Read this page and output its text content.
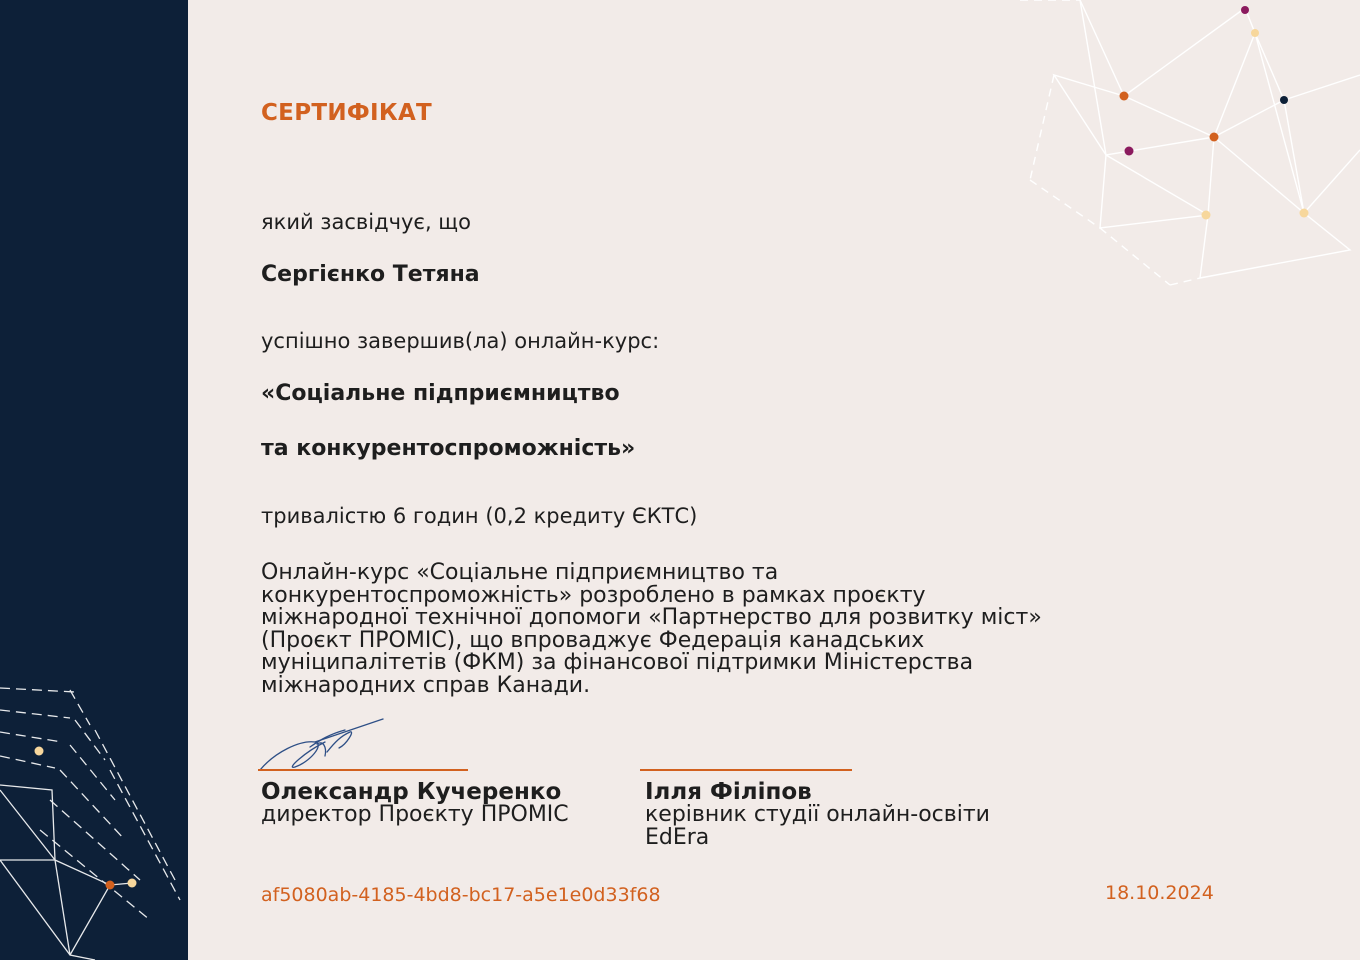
СЕРТИФІКАТ
який засвідчує, що
Сергієнко Тетяна
успішно завершив(ла) онлайн-курс:
«Соціальне підприємництво
та конкурентоспроможність»
тривалістю 6 годин (0,2 кредиту ЄКТС)
Онлайн-курс «Соціальне підприємництво та конкурентоспроможність» розроблено в рамках проєкту міжнародної технічної допомоги «Партнерство для розвитку міст» (Проєкт ПРОМІС), що впроваджує Федерація канадських муніципалітетів (ФКМ) за фінансової підтримки Міністерства міжнародних справ Канади.
Олександр Кучеренко
директор Проєкту ПРОМІС
Ілля Філіпов
керівник студії онлайн-освіти EdEra
af5080ab-4185-4bd8-bc17-a5e1e0d33f68	18.10.2024
